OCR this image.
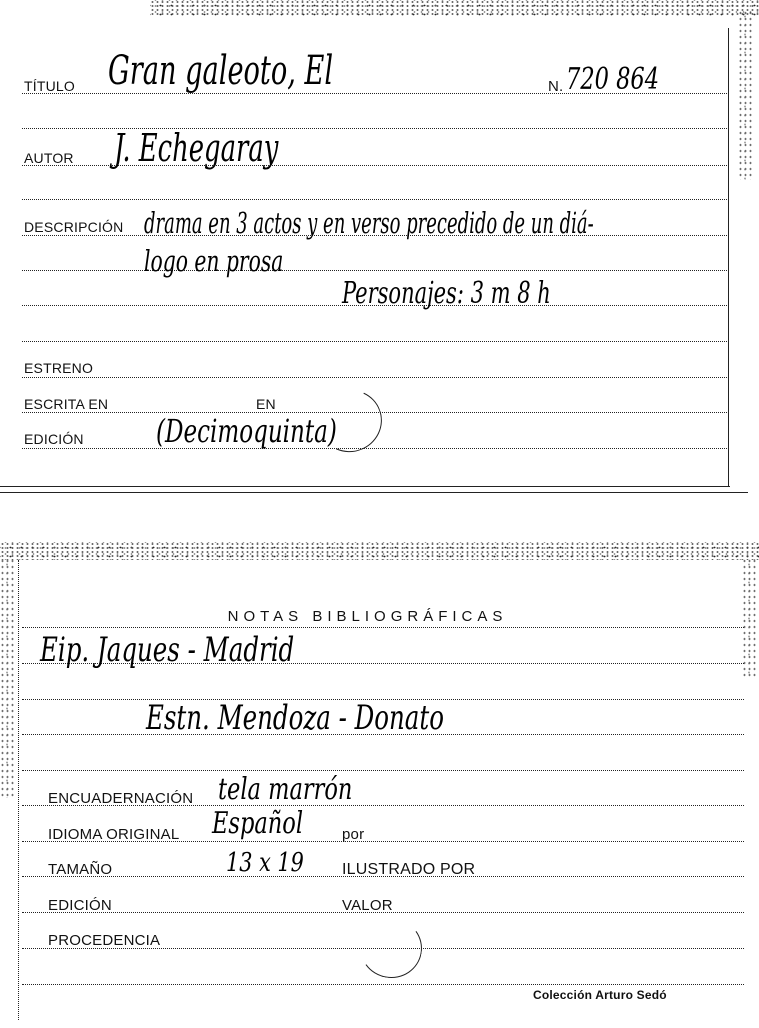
TÍTULO Gran galeoto, El	N. 720 864
AUTOR J. Echegaray
DESCRIPCIÓN drama en 3 actos y en verso precedido de un diá-
logo en prosa
Personajes: 3 m 8 h
ESTRENO
ESCRITA EN	EN
EDICIÓN (Decimoquinta)
NOTAS BIBLIOGRÁFICAS
Eip. Jaques - Madrid
Estn. Mendoza - Donato
ENCUADERNACIÓN tela marrón
IDIOMA ORIGINAL Español	por
TAMAÑO	13 x 19 ILUSTRADO POR
EDICIÓN	VALOR
PROCEDENCIA
Colección Arturo Sedó
